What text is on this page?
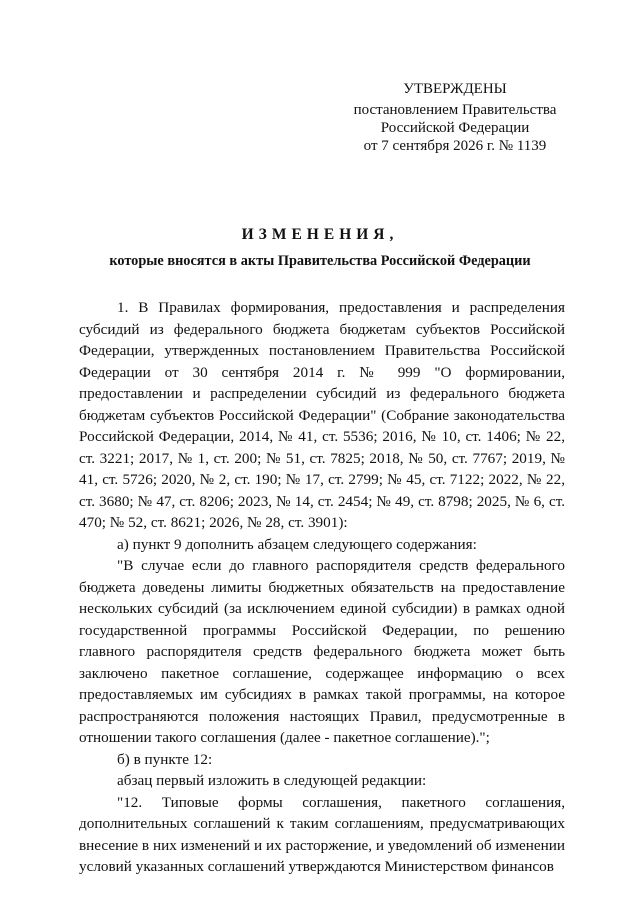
УТВЕРЖДЕНЫ
постановлением Правительства
Российской Федерации
от 7 сентября 2026 г. № 1139
ИЗМЕНЕНИЯ,
которые вносятся в акты Правительства Российской Федерации

1. В Правилах формирования, предоставления и распределения субсидий из федерального бюджета бюджетам субъектов Российской Федерации, утвержденных постановлением Правительства Российской Федерации от 30 сентября 2014 г. № 999 "О формировании, предоставлении и распределении субсидий из федерального бюджета бюджетам субъектов Российской Федерации" (Собрание законодательства Российской Федерации, 2014, № 41, ст. 5536; 2016, № 10, ст. 1406; № 22, ст. 3221; 2017, № 1, ст. 200; № 51, ст. 7825; 2018, № 50, ст. 7767; 2019, № 41, ст. 5726; 2020, № 2, ст. 190; № 17, ст. 2799; № 45, ст. 7122; 2022, № 22, ст. 3680; № 47, ст. 8206; 2023, № 14, ст. 2454; № 49, ст. 8798; 2025, № 6, ст. 470; № 52, ст. 8621; 2026, № 28, ст. 3901):

а) пункт 9 дополнить абзацем следующего содержания:

"В случае если до главного распорядителя средств федерального бюджета доведены лимиты бюджетных обязательств на предоставление нескольких субсидий (за исключением единой субсидии) в рамках одной государственной программы Российской Федерации, по решению главного распорядителя средств федерального бюджета может быть заключено пакетное соглашение, содержащее информацию о всех предоставляемых им субсидиях в рамках такой программы, на которое распространяются положения настоящих Правил, предусмотренные в отношении такого соглашения (далее - пакетное соглашение).";

б) в пункте 12:

абзац первый изложить в следующей редакции:

"12. Типовые формы соглашения, пакетного соглашения, дополнительных соглашений к таким соглашениям, предусматривающих внесение в них изменений и их расторжение, и уведомлений об изменении условий указанных соглашений утверждаются Министерством финансов
